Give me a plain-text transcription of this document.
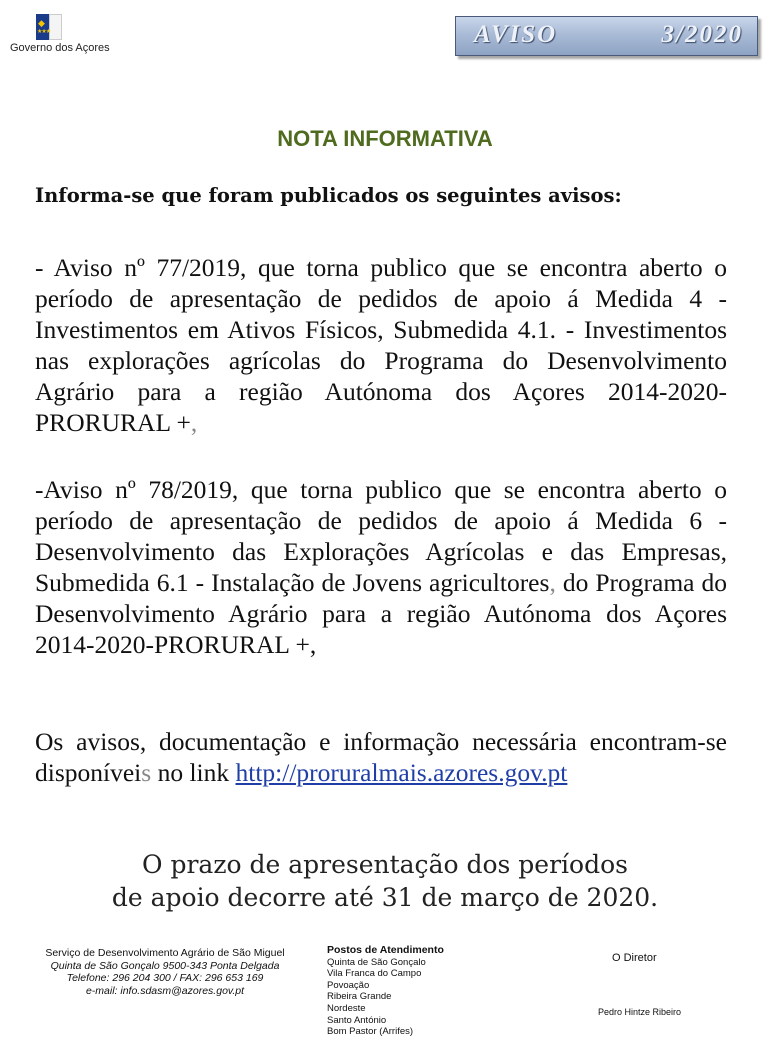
◆
★★★
Governo dos Açores	AVISO	3/2020
NOTA INFORMATIVA
Informa-se que foram publicados os seguintes avisos:
- Aviso nº 77/2019, que torna publico que se encontra aberto o período de apresentação de pedidos de apoio á Medida 4 - Investimentos em Ativos Físicos, Submedida 4.1. - Investimentos nas explorações agrícolas do Programa do Desenvolvimento Agrário para a região Autónoma dos Açores 2014-2020-PRORURAL +,
-Aviso nº 78/2019, que torna publico que se encontra aberto o período de apresentação de pedidos de apoio á Medida 6 - Desenvolvimento das Explorações Agrícolas e das Empresas, Submedida 6.1 - Instalação de Jovens agricultores, do Programa do Desenvolvimento Agrário para a região Autónoma dos Açores 2014-2020-PRORURAL +,
Os avisos, documentação e informação necessária encontram-se disponíveis no link http://proruralmais.azores.gov.pt
O prazo de apresentação dos períodos
de apoio decorre até 31 de março de 2020.
Serviço de Desenvolvimento Agrário de São Miguel
Quinta de São Gonçalo 9500-343 Ponta Delgada
Telefone: 296 204 300 / FAX: 296 653 169
e-mail: info.sdasm@azores.gov.pt
Postos de Atendimento
Quinta de São Gonçalo
Vila Franca do Campo
Povoação
Ribeira Grande
Nordeste
Santo António
Bom Pastor (Arrifes)
O Diretor
Pedro Hintze Ribeiro
